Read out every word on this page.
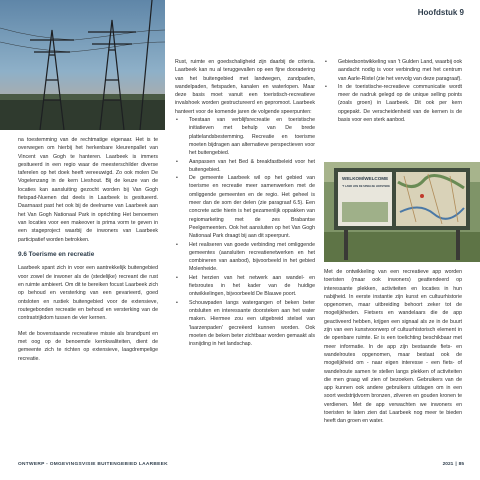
Hoofdstuk 9

na toestemming van de rechtmatige eigenaar. Het is te overwegen om hierbij het herkenbare kleurenpallet van Vincent van Gogh te hanteren. Laarbeek is immers gesitueerd in een regio waar de meesterschilder diverse taferelen op het doek heeft vereeuwigd. Zo ook molen De Vogelenzang in de kern Lieshout. Bij de keuze van de locaties kan aansluiting gezocht worden bij Van Gogh fietspad-Nuenen dat deels in Laarbeek is gesitueerd. Daarnaast past het ook bij de deelname van Laarbeek aan het Van Gogh Nationaal Park in oprichting Het benoemen van locaties voor een makeover is prima vorm te geven in een stageproject waarbij de inwoners van Laarbeek participatief worden betrokken.

9.6 Toerisme en recreatie

Laarbeek spant zich in voor een aantrekkelijk buitengebied voor zowel de inwoner als de (stedelijke) recreant die rust en ruimte ambieert. Om dit te bereiken focust Laarbeek zich op behoud en versterking van een gevarieerd, goed ontsloten en rustiek buitengebied voor de extensieve, routegebonden recreatie en behoud en versterking van de contrastrijkdom tussen de vier kernen.

Met de bovenstaande recreatieve missie als brandpunt en met oog op de benoemde kernkwaliteiten, dient de gemeente zich te richten op extensieve, laagdrempelige recreatie.

Rust, ruimte en goedschaligheid zijn daarbij de criteria. Laarbeek kan nu al teruggevallen op een fijne dooradering van het buitengebied met landwegen, zandpaden, wandelpaden, fietspaden, kanalen en waterlopen. Maar deze basis moet vanuit een toeristisch-recreatieve invalshoek worden gestructureerd en gepromoot. Laarbeek hanteert voor de komende jaren de volgende speerpunten:

• Toestaan van verblijfsrecreatie en toeristische initiatieven met behulp van De brede plattelandsbestemming. Recreatie en toerisme moeten bijdragen aan alternatieve perspectieven voor het buitengebied.
• Aanpassen van het Bed & breakfastbeleid voor het buitengebied.
• De gemeente Laarbeek wil op het gebied van toerisme en recreatie meer samenwerken met de omliggende gemeenten en de regio. Het geheel is meer dan de som der delen (zie paragraaf 6.5). Een concrete actie hierin is het gezamenlijk oppakken van regiomarketing met de zes Brabantse Peelgemeenten. Ook het aansluiten op het Van Gogh Nationaal Park draagt bij aan dit speerpunt.
• Het realiseren van goede verbinding met omliggende gemeentes (aansluiten recreatienetwerken en het combineren van aanbod), bijvoorbeeld in het gebied Molenheide.
• Het herzien van het netwerk aan wandel- en fietsroutes in het kader van de huidige ontwikkelingen, bijvoorbeeld De Blauwe poort.
• Schouwpaden langs watergangen of beken beter ontsluiten en interessante doorsteken aan het water maken. Hiermee zou een uitgebreid stelsel van 'laarzenpaden' gecreëerd kunnen worden. Ook moeten de beken beter zichtbaar worden gemaakt als insnijding in het landschap.
• Gebiedsontwikkeling van 't Gulden Land, waarbij ook aandacht nodig is voor verbinding met het centrum van Aarle-Rixtel (zie het vervolg van deze paragraaf).
• In de toeristische-recreatieve communicatie wordt meer de nadruk gelegd op de unique selling points (zoals groen) in Laarbeek. Dit ook per kern opgepakt. De verscheidenheid van de kernen is de basis voor een sterk aanbod.
WELKOM/WELCOME
'T LAND VAN DE SPEELSE HOFSTEDE

Met de ontwikkeling van een recreatieve app worden toeristen (maar ook inwoners) geattendeerd op interessante plekken, activiteiten en locaties in hun nabijheid. In eerste instantie zijn kunst en cultuurhistorie opgenomen, maar uitbreiding behoort zeker tot de mogelijkheden. Fietsers en wandelaars die de app geactiveerd hebben, krijgen een signaal als ze in de buurt zijn van een kunstvoorwerp of cultuurhistorisch element in de openbare ruimte. Er is een toelichting beschikbaar met meer informatie. In de app zijn bestaande fiets- en wandelroutes opgenomen, maar bestaat ook de mogelijkheid om - naar eigen interesse - een fiets- of wandelroute samen te stellen langs plekken of activiteiten die men graag wil zien of bezoeken. Gebruikers van de app kunnen ook andere gebruikers uitdagen om in een soort wedstrijdvorm bronzen, zilveren en gouden kronen te verdienen. Met de app verwachten we inwoners en toeristen te laten zien dat Laarbeek nog meer te bieden heeft dan groen en water.

ONTWERP - OMGEVINGSVISIE BUITENGEBIED LAARBEEK	2021 | 85
